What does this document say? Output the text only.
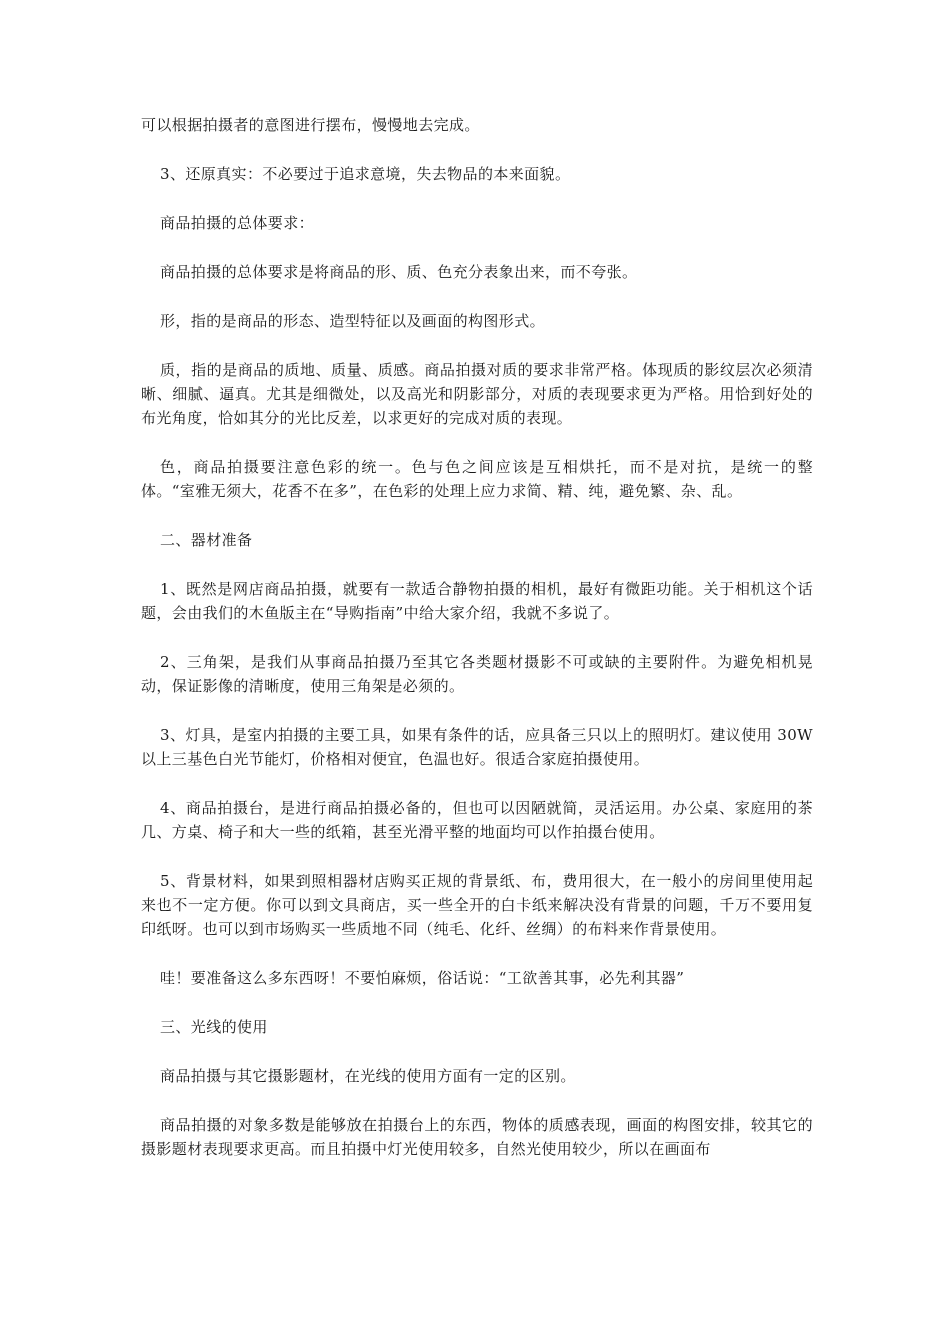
可以根据拍摄者的意图进行摆布，慢慢地去完成。

3、还原真实：不必要过于追求意境，失去物品的本来面貌。

商品拍摄的总体要求：

商品拍摄的总体要求是将商品的形、质、色充分表象出来，而不夸张。

形，指的是商品的形态、造型特征以及画面的构图形式。

质，指的是商品的质地、质量、质感。商品拍摄对质的要求非常严格。体现质的影纹层次必须清晰、细腻、逼真。尤其是细微处，以及高光和阴影部分，对质的表现要求更为严格。用恰到好处的布光角度，恰如其分的光比反差，以求更好的完成对质的表现。

色，商品拍摄要注意色彩的统一。色与色之间应该是互相烘托，而不是对抗，是统一的整体。“室雅无须大，花香不在多”，在色彩的处理上应力求简、精、纯，避免繁、杂、乱。

二、器材准备

1、既然是网店商品拍摄，就要有一款适合静物拍摄的相机，最好有微距功能。关于相机这个话题，会由我们的木鱼版主在“导购指南”中给大家介绍，我就不多说了。

2、三角架，是我们从事商品拍摄乃至其它各类题材摄影不可或缺的主要附件。为避免相机晃动，保证影像的清晰度，使用三角架是必须的。

3、灯具，是室内拍摄的主要工具，如果有条件的话，应具备三只以上的照明灯。建议使用 30W 以上三基色白光节能灯，价格相对便宜，色温也好。很适合家庭拍摄使用。

4、商品拍摄台，是进行商品拍摄必备的，但也可以因陋就简，灵活运用。办公桌、家庭用的茶几、方桌、椅子和大一些的纸箱，甚至光滑平整的地面均可以作拍摄台使用。

5、背景材料，如果到照相器材店购买正规的背景纸、布，费用很大，在一般小的房间里使用起来也不一定方便。你可以到文具商店，买一些全开的白卡纸来解决没有背景的问题，千万不要用复印纸呀。也可以到市场购买一些质地不同（纯毛、化纤、丝绸）的布料来作背景使用。

哇！要准备这么多东西呀！不要怕麻烦，俗话说：“工欲善其事，必先利其器”

三、光线的使用

商品拍摄与其它摄影题材，在光线的使用方面有一定的区别。

商品拍摄的对象多数是能够放在拍摄台上的东西，物体的质感表现，画面的构图安排，较其它的摄影题材表现要求更高。而且拍摄中灯光使用较多，自然光使用较少，所以在画面布
